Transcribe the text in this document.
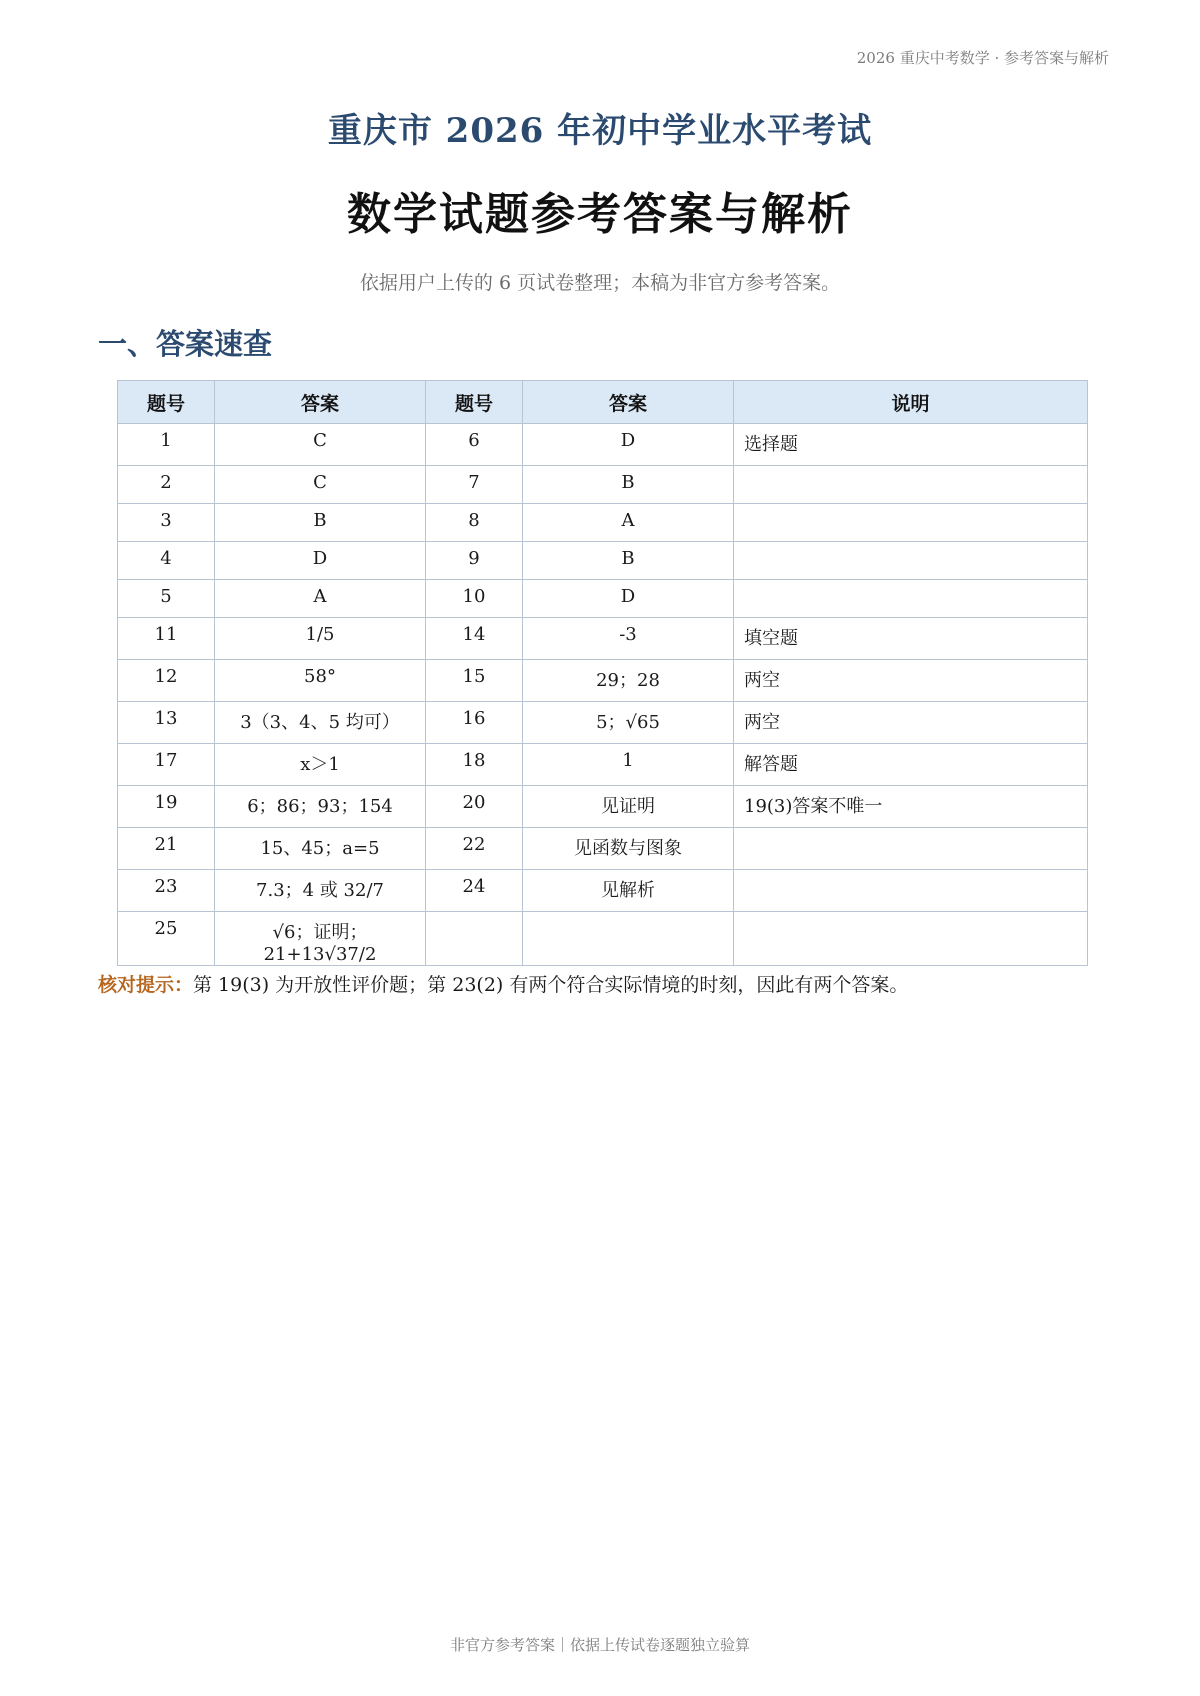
2026 重庆中考数学 · 参考答案与解析
重庆市 2026 年初中学业水平考试
数学试题参考答案与解析
依据用户上传的 6 页试卷整理；本稿为非官方参考答案。
一、答案速查
题号	答案	题号	答案	说明
1	C	6	D	选择题
2	C	7	B	
3	B	8	A	
4	D	9	B	
5	A	10	D	
11	1/5	14	-3	填空题
12	58°	15	29；28	两空
13	3（3、4、5 均可）	16	5；√65	两空
17	x＞1	18	1	解答题
19	6；86；93；154	20	见证明	19(3)答案不唯一
21	15、45；a=5	22	见函数与图象	
23	7.3；4 或 32/7	24	见解析	
25	√6；证明；21+13√37/2			
核对提示：第 19(3) 为开放性评价题；第 23(2) 有两个符合实际情境的时刻，因此有两个答案。
非官方参考答案｜依据上传试卷逐题独立验算
